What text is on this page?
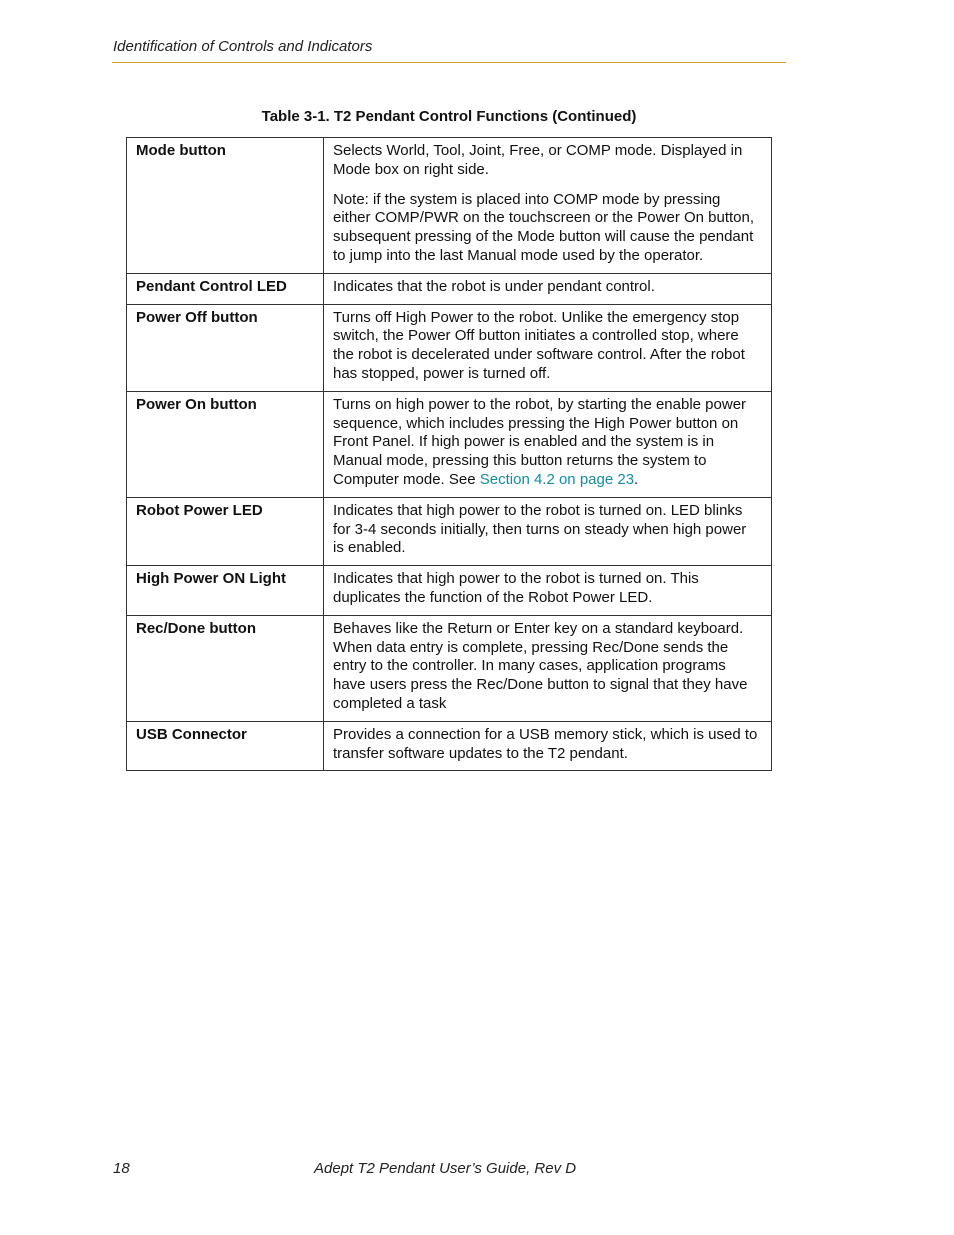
Identification of Controls and Indicators
Table 3-1. T2 Pendant Control Functions (Continued)
Mode button	Selects World, Tool, Joint, Free, or COMP mode. Displayed in Mode box on right side.

Note: if the system is placed into COMP mode by pressing either COMP/PWR on the touchscreen or the Power On button, subsequent pressing of the Mode button will cause the pendant to jump into the last Manual mode used by the operator.

Pendant Control LED	Indicates that the robot is under pendant control.

Power Off button	Turns off High Power to the robot. Unlike the emergency stop switch, the Power Off button initiates a controlled stop, where the robot is decelerated under software control. After the robot has stopped, power is turned off.

Power On button	Turns on high power to the robot, by starting the enable power sequence, which includes pressing the High Power button on Front Panel. If high power is enabled and the system is in Manual mode, pressing this button returns the system to Computer mode. See Section 4.2 on page 23.

Robot Power LED	Indicates that high power to the robot is turned on. LED blinks for 3-4 seconds initially, then turns on steady when high power is enabled.

High Power ON Light	Indicates that high power to the robot is turned on. This duplicates the function of the Robot Power LED.

Rec/Done button	Behaves like the Return or Enter key on a standard keyboard. When data entry is complete, pressing Rec/Done sends the entry to the controller. In many cases, application programs have users press the Rec/Done button to signal that they have completed a task

USB Connector	Provides a connection for a USB memory stick, which is used to transfer software updates to the T2 pendant.

18	Adept T2 Pendant User’s Guide, Rev D
